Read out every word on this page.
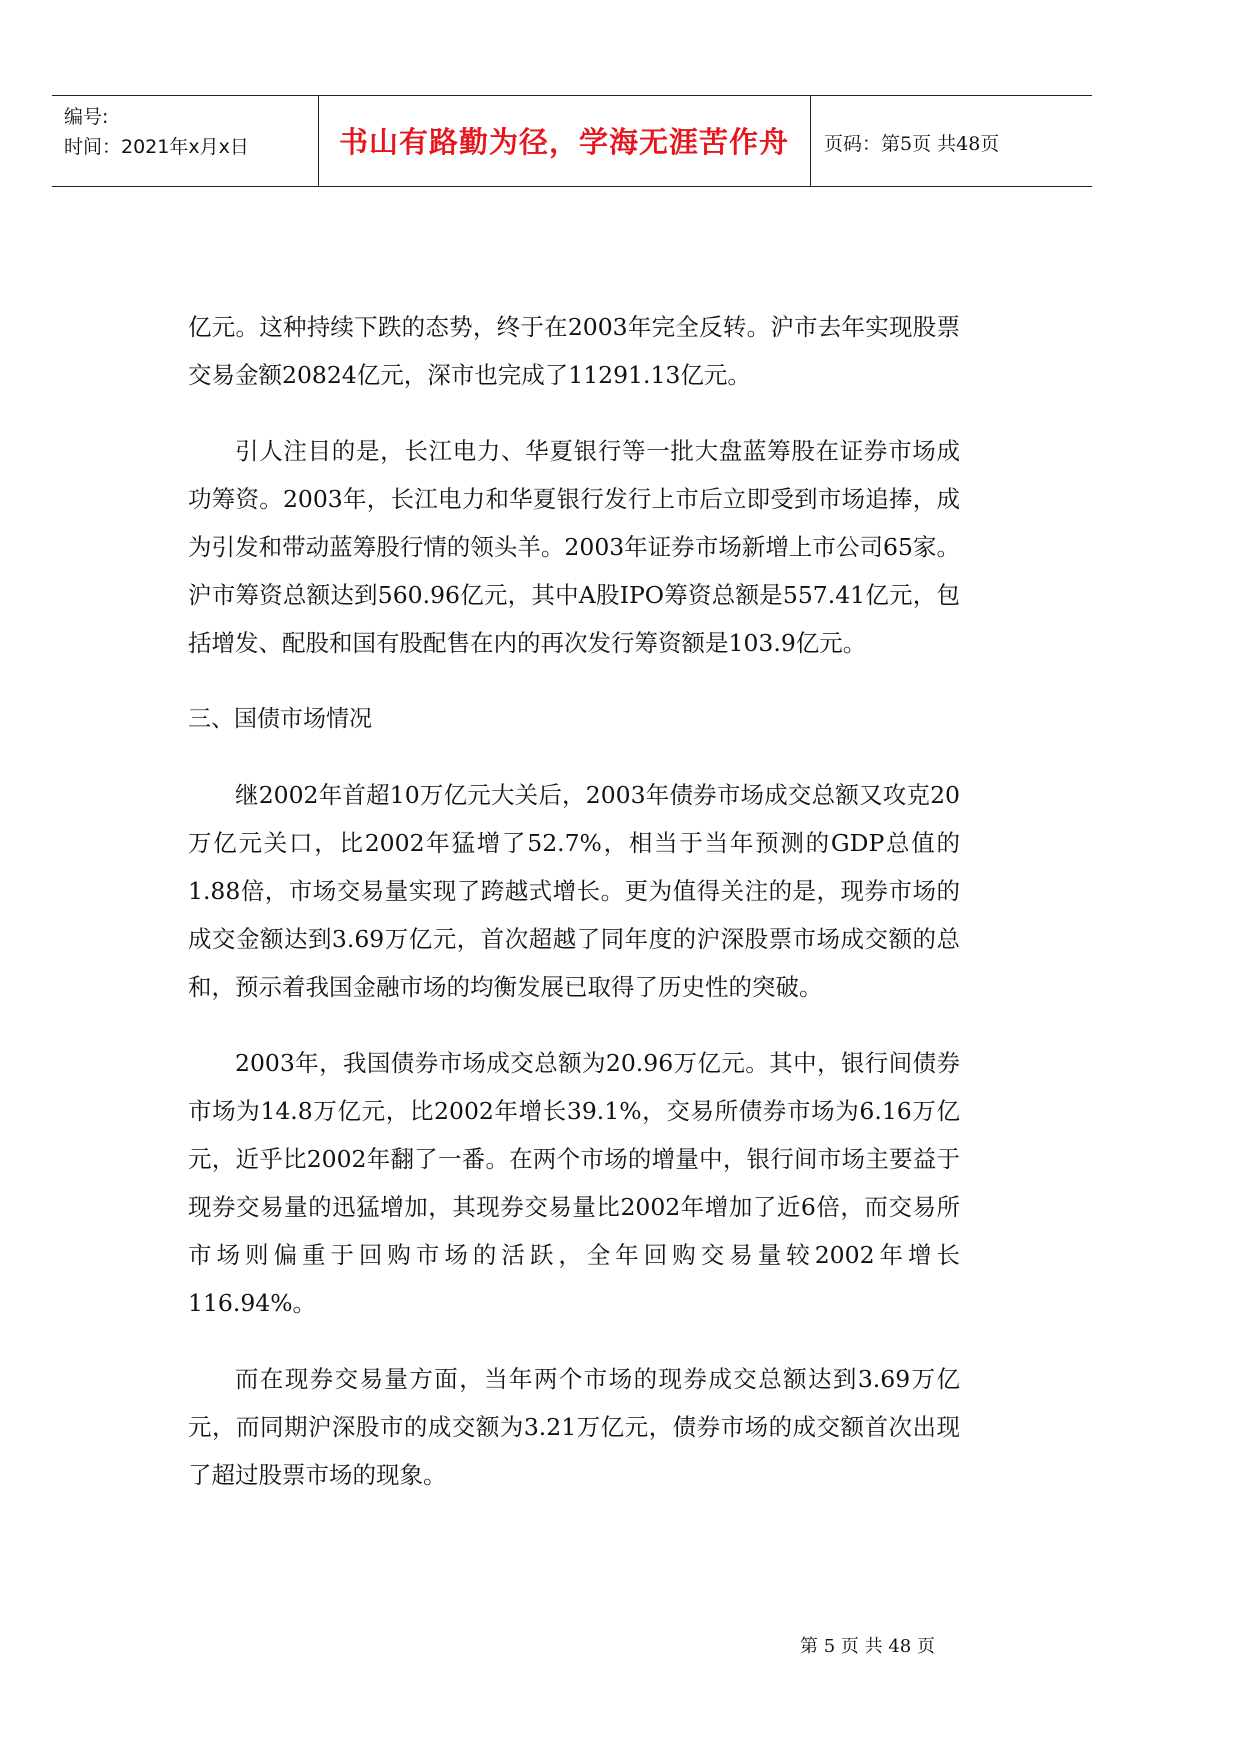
编号:
时间：2021年x月x日	书山有路勤为径，学海无涯苦作舟	页码：第5页 共48页

亿元。这种持续下跌的态势，终于在2003年完全反转。沪市去年实现股票交易金额20824亿元，深市也完成了11291.13亿元。

引人注目的是，长江电力、华夏银行等一批大盘蓝筹股在证券市场成功筹资。2003年，长江电力和华夏银行发行上市后立即受到市场追捧，成为引发和带动蓝筹股行情的领头羊。2003年证券市场新增上市公司65家。沪市筹资总额达到560.96亿元，其中A股IPO筹资总额是557.41亿元，包括增发、配股和国有股配售在内的再次发行筹资额是103.9亿元。

三、国债市场情况

继2002年首超10万亿元大关后，2003年债券市场成交总额又攻克20万亿元关口，比2002年猛增了52.7%，相当于当年预测的GDP总值的1.88倍，市场交易量实现了跨越式增长。更为值得关注的是，现券市场的成交金额达到3.69万亿元，首次超越了同年度的沪深股票市场成交额的总和，预示着我国金融市场的均衡发展已取得了历史性的突破。

2003年，我国债券市场成交总额为20.96万亿元。其中，银行间债券市场为14.8万亿元，比2002年增长39.1%，交易所债券市场为6.16万亿元，近乎比2002年翻了一番。在两个市场的增量中，银行间市场主要益于现券交易量的迅猛增加，其现券交易量比2002年增加了近6倍，而交易所市场则偏重于回购市场的活跃，全年回购交易量较2002年增长116.94%。

而在现券交易量方面，当年两个市场的现券成交总额达到3.69万亿元，而同期沪深股市的成交额为3.21万亿元，债券市场的成交额首次出现了超过股票市场的现象。

第 5 页 共 48 页
